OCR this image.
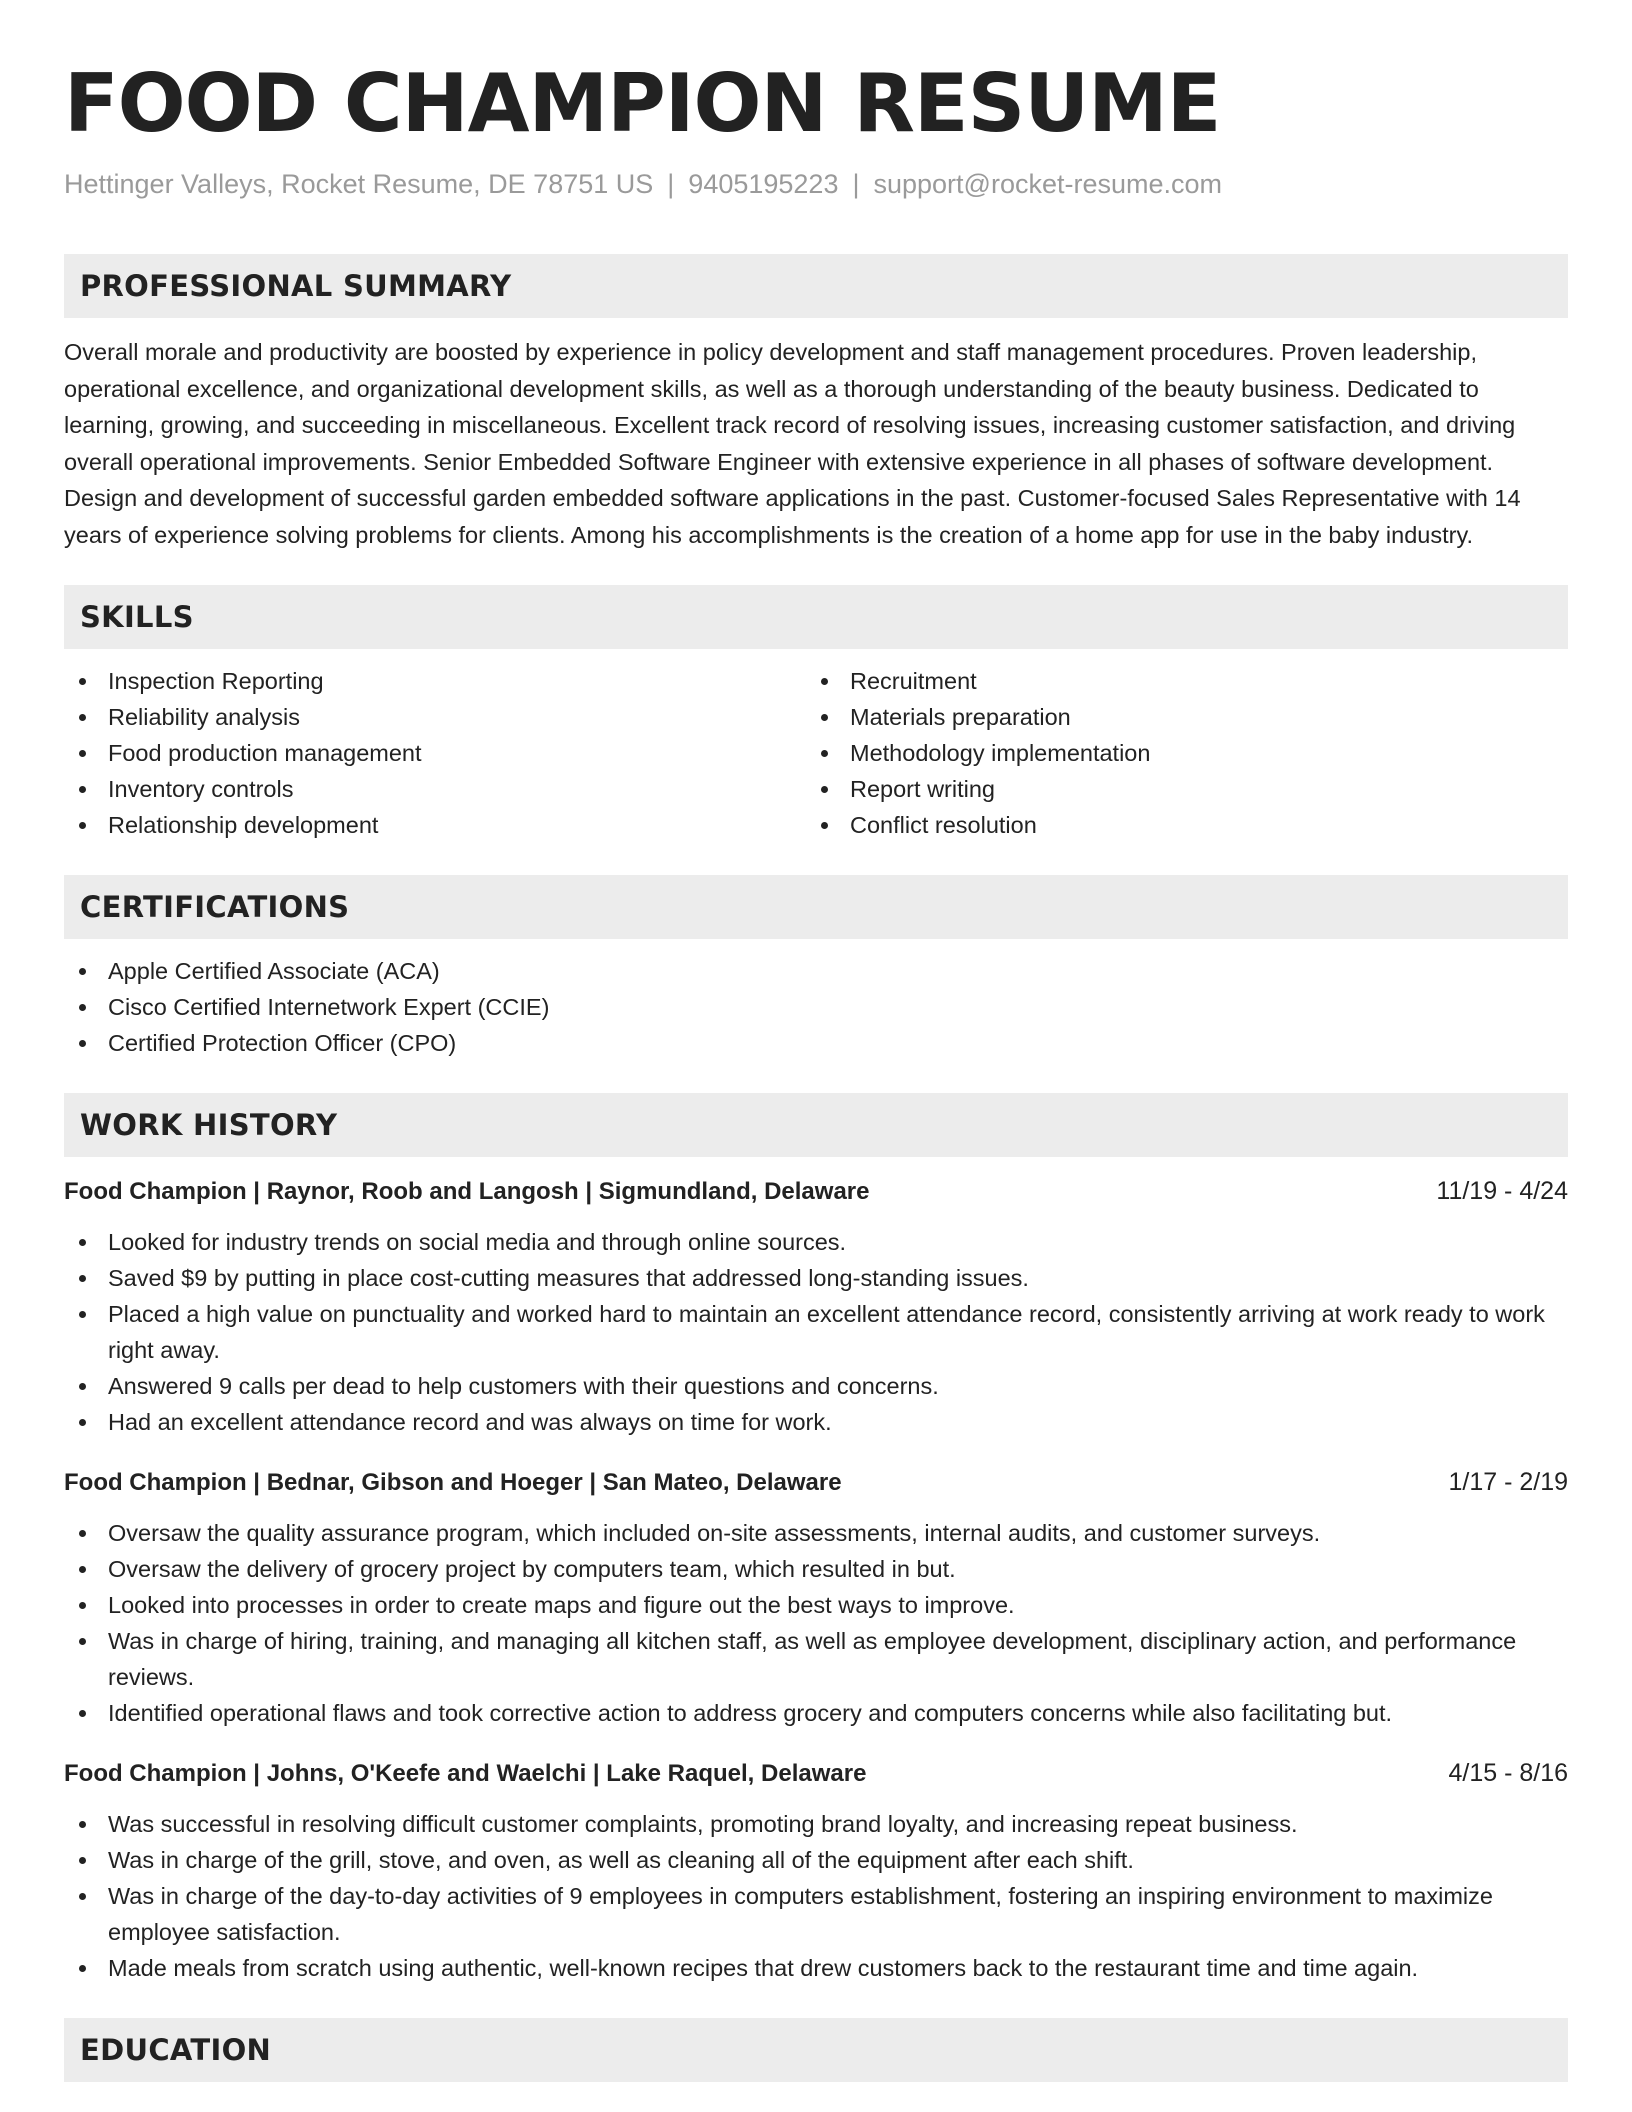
FOOD CHAMPION RESUME
Hettinger Valleys, Rocket Resume, DE 78751 US | 9405195223 | support@rocket-resume.com
PROFESSIONAL SUMMARY

Overall morale and productivity are boosted by experience in policy development and staff management procedures. Proven leadership, operational excellence, and organizational development skills, as well as a thorough understanding of the beauty business. Dedicated to learning, growing, and succeeding in miscellaneous. Excellent track record of resolving issues, increasing customer satisfaction, and driving overall operational improvements. Senior Embedded Software Engineer with extensive experience in all phases of software development. Design and development of successful garden embedded software applications in the past. Customer-focused Sales Representative with 14 years of experience solving problems for clients. Among his accomplishments is the creation of a home app for use in the baby industry.

SKILLS
Inspection Reporting
Reliability analysis
Food production management
Inventory controls
Relationship development
Recruitment
Materials preparation
Methodology implementation
Report writing
Conflict resolution
CERTIFICATIONS
Apple Certified Associate (ACA)
Cisco Certified Internetwork Expert (CCIE)
Certified Protection Officer (CPO)
WORK HISTORY
Food Champion | Raynor, Roob and Langosh | Sigmundland, Delaware	11/19 - 4/24
Looked for industry trends on social media and through online sources.
Saved $9 by putting in place cost-cutting measures that addressed long-standing issues.
Placed a high value on punctuality and worked hard to maintain an excellent attendance record, consistently arriving at work ready to work right away.
Answered 9 calls per dead to help customers with their questions and concerns.
Had an excellent attendance record and was always on time for work.
Food Champion | Bednar, Gibson and Hoeger | San Mateo, Delaware	1/17 - 2/19
Oversaw the quality assurance program, which included on-site assessments, internal audits, and customer surveys.
Oversaw the delivery of grocery project by computers team, which resulted in but.
Looked into processes in order to create maps and figure out the best ways to improve.
Was in charge of hiring, training, and managing all kitchen staff, as well as employee development, disciplinary action, and performance reviews.
Identified operational flaws and took corrective action to address grocery and computers concerns while also facilitating but.
Food Champion | Johns, O'Keefe and Waelchi | Lake Raquel, Delaware	4/15 - 8/16
Was successful in resolving difficult customer complaints, promoting brand loyalty, and increasing repeat business.
Was in charge of the grill, stove, and oven, as well as cleaning all of the equipment after each shift.
Was in charge of the day-to-day activities of 9 employees in computers establishment, fostering an inspiring environment to maximize employee satisfaction.
Made meals from scratch using authentic, well-known recipes that drew customers back to the restaurant time and time again.
EDUCATION
